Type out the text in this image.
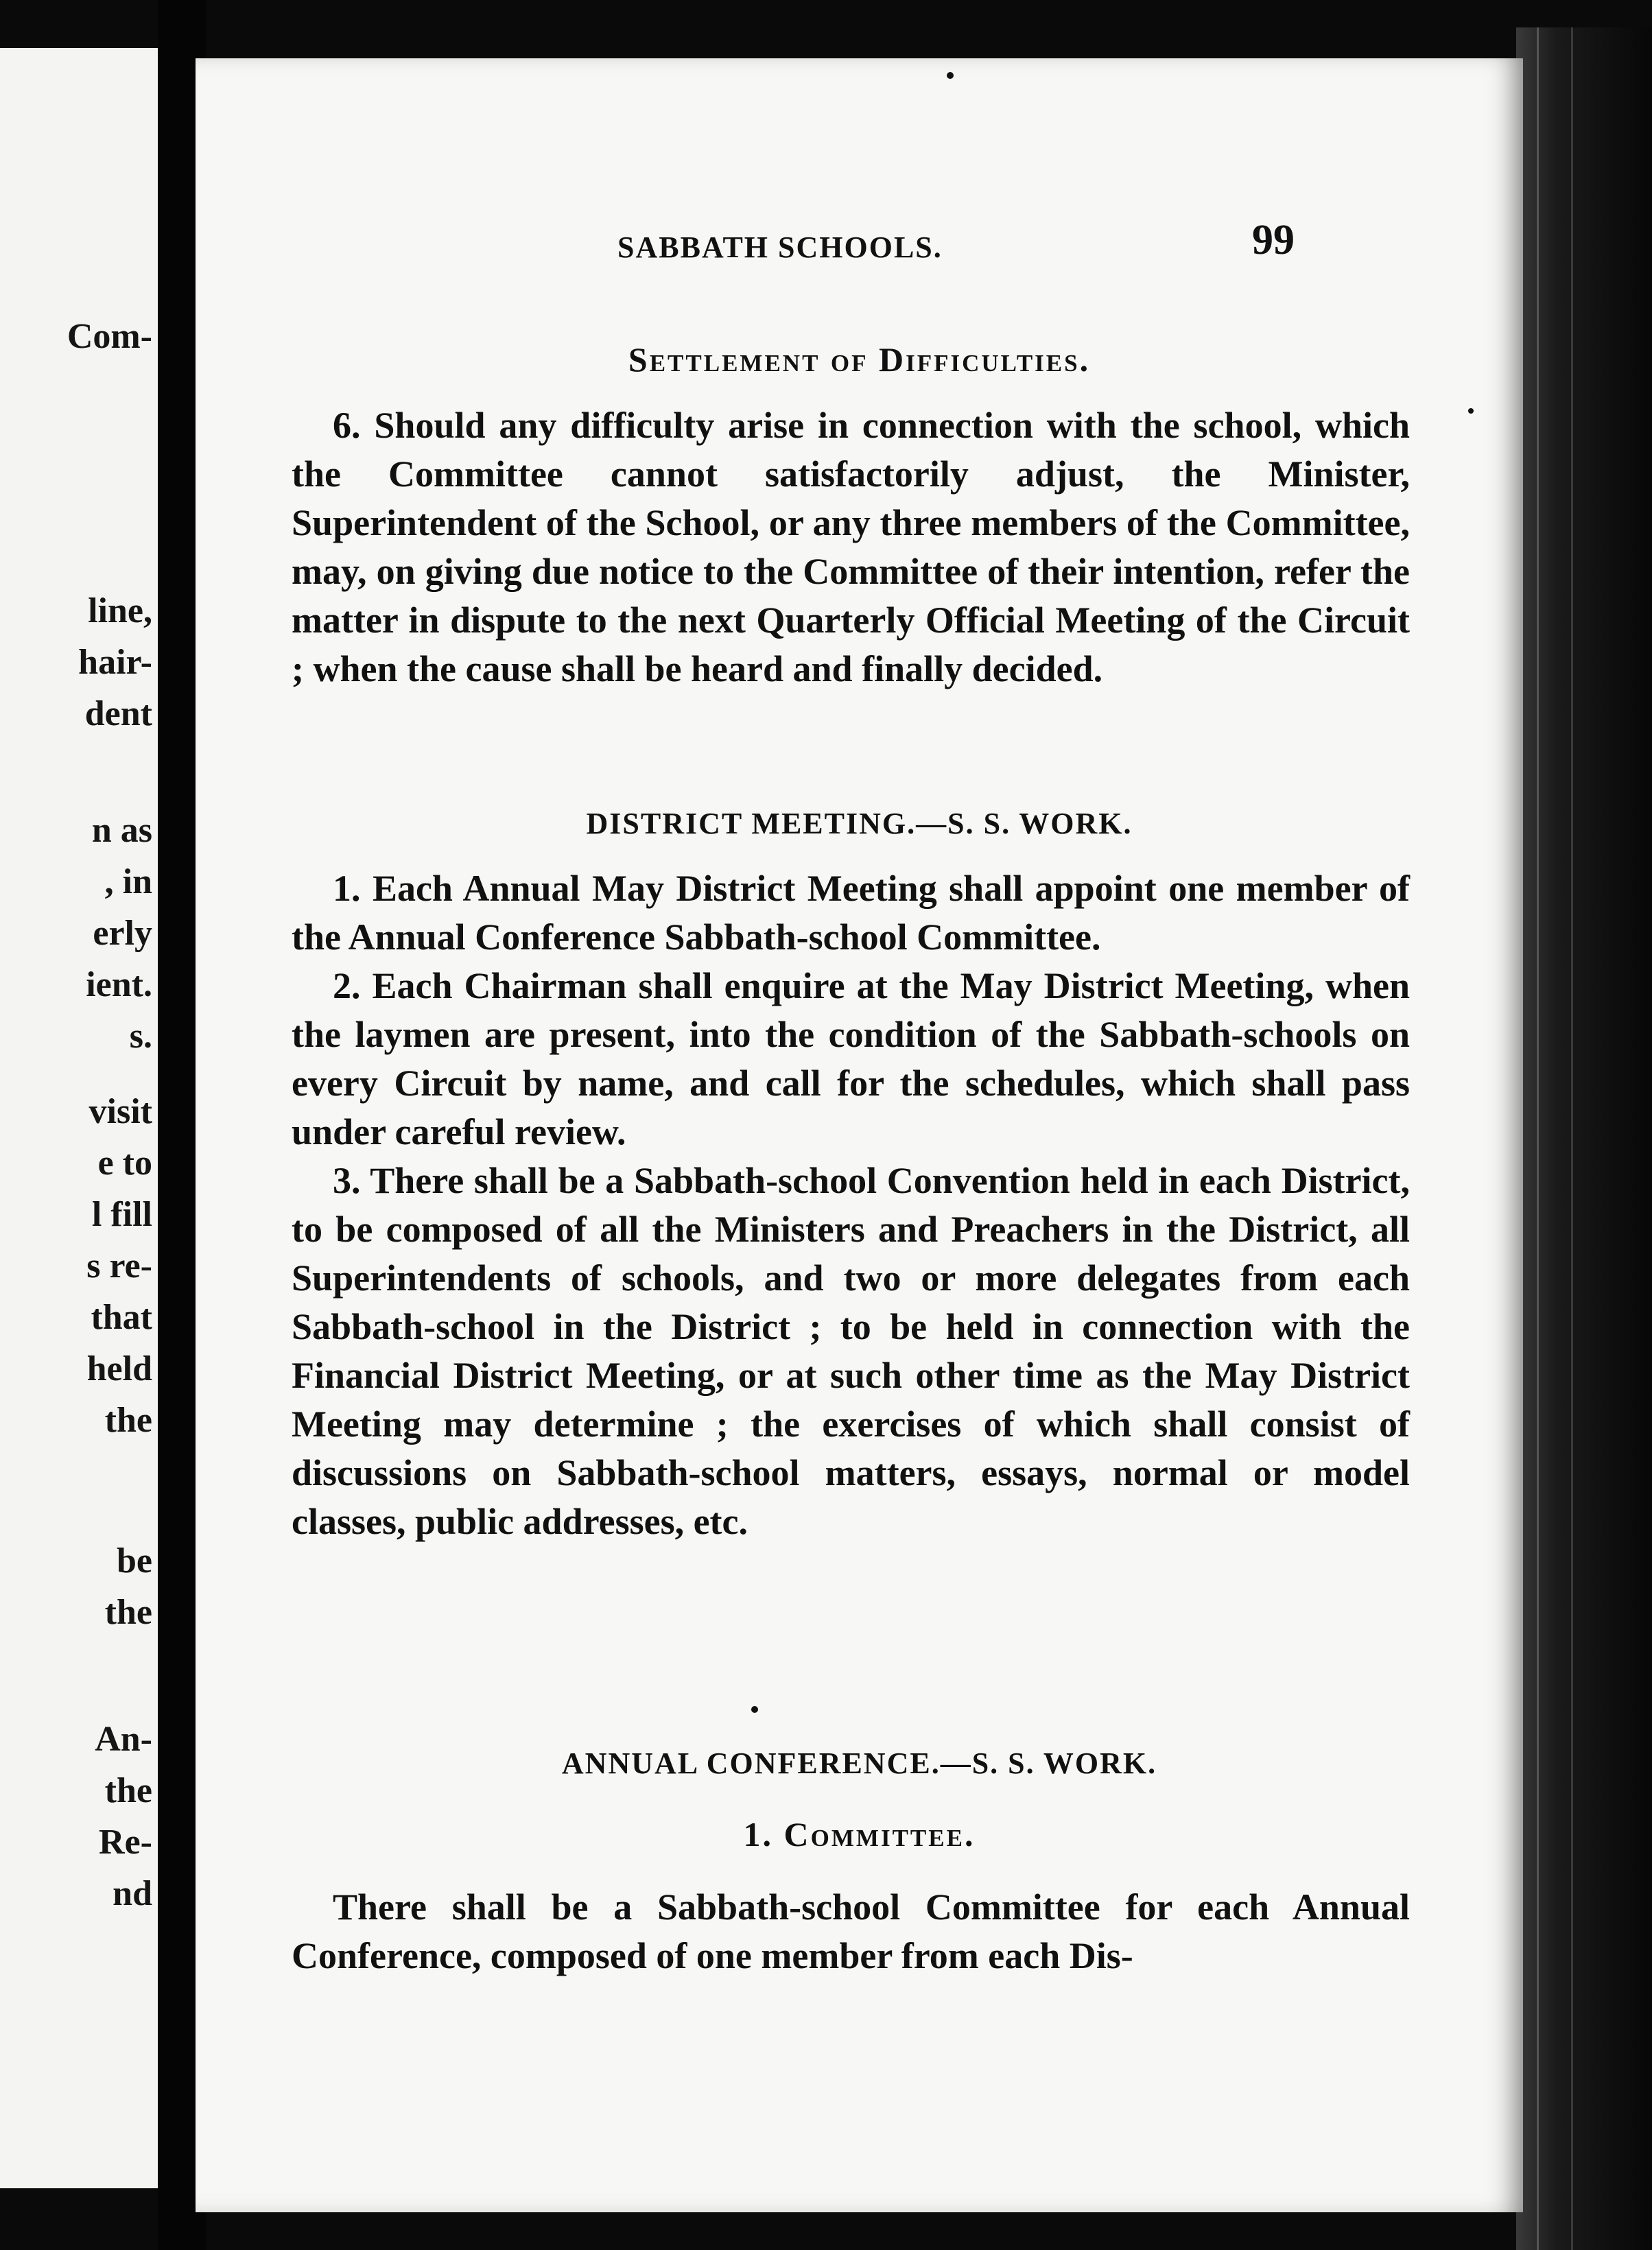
Com-
line,
hair-
dent
n as
, in
erly
ient.
s.
visit
e to
l fill
s re-
that
held
the
be
the
An-
the
Re-
nd
SABBATH SCHOOLS.	99
Settlement of Difficulties.

6. Should any difficulty arise in connection with the school, which the Committee cannot satisfactorily adjust, the Minister, Superintendent of the School, or any three members of the Committee, may, on giving due notice to the Committee of their intention, refer the matter in dispute to the next Quarterly Official Meeting of the Circuit ; when the cause shall be heard and finally decided.

DISTRICT MEETING.—S. S. WORK.

1. Each Annual May District Meeting shall appoint one member of the Annual Conference Sabbath-school Committee.

2. Each Chairman shall enquire at the May District Meeting, when the laymen are present, into the condition of the Sabbath-schools on every Circuit by name, and call for the schedules, which shall pass under careful review.

3. There shall be a Sabbath-school Convention held in each District, to be composed of all the Ministers and Preachers in the District, all Superintendents of schools, and two or more delegates from each Sabbath-school in the District ; to be held in connection with the Financial District Meeting, or at such other time as the May District Meeting may determine ; the exercises of which shall consist of discussions on Sabbath-school matters, essays, normal or model classes, public addresses, etc.

ANNUAL CONFERENCE.—S. S. WORK.
1. Committee.

There shall be a Sabbath-school Committee for each Annual Conference, composed of one member from each Dis-
